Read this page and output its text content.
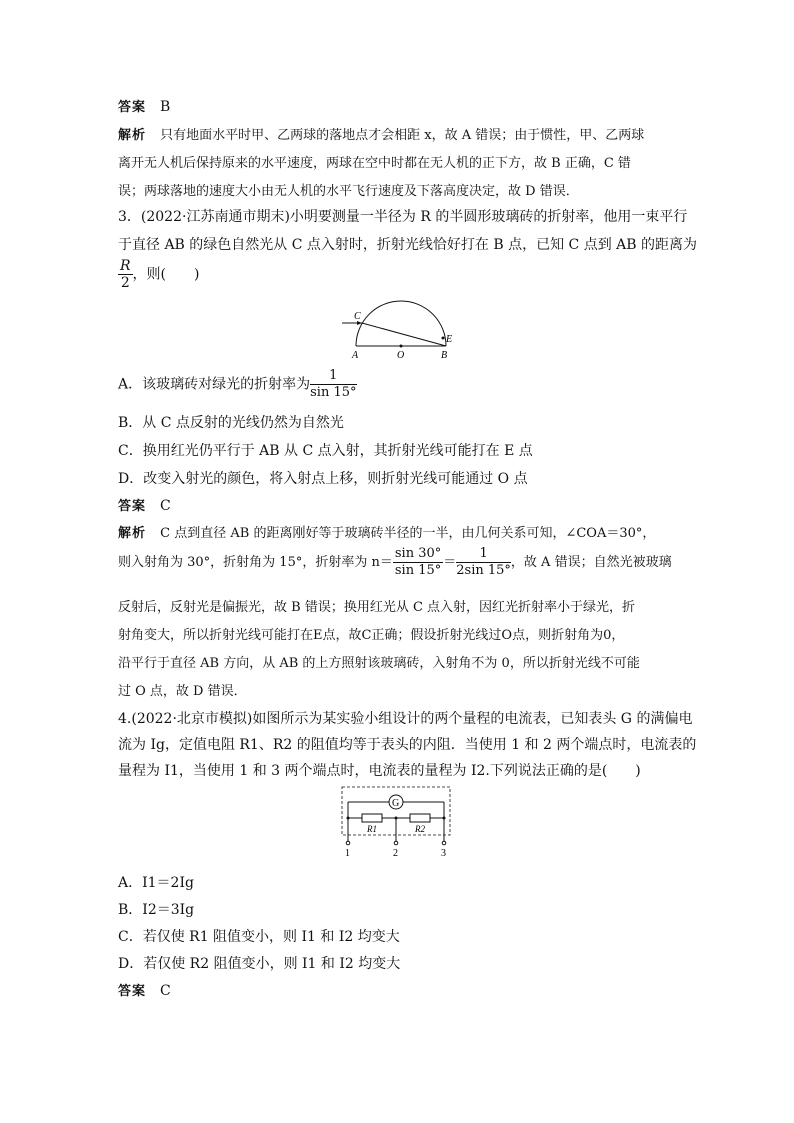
答案 B
解析 只有地面水平时甲、乙两球的落地点才会相距 x，故 A 错误；由于惯性，甲、乙两球
离开无人机后保持原来的水平速度，两球在空中时都在无人机的正下方，故 B 正确，C 错
误；两球落地的速度大小由无人机的水平飞行速度及下落高度决定，故 D 错误．
3．(2022·江苏南通市期末)小明要测量一半径为 R 的半圆形玻璃砖的折射率，他用一束平行
于直径 AB 的绿色自然光从 C 点入射时，折射光线恰好打在 B 点，已知 C 点到 AB 的距离为
$\frac{R}{2}$ ，则(　　)
C
E
A	O	B
A．该玻璃砖对绿光的折射率为 $\frac{1}{\sin 15^\circ}$
B．从 C 点反射的光线仍然为自然光
C．换用红光仍平行于 AB 从 C 点入射，其折射光线可能打在 E 点
D．改变入射光的颜色，将入射点上移，则折射光线可能通过 O 点
答案 C
解析 C 点到直径 AB 的距离刚好等于玻璃砖半径的一半，由几何关系可知，∠COA＝30°，
则入射角为 30°，折射角为 15°，折射率为 $n= \frac{\sin 30^\circ}{\sin 15^\circ} = \frac{1}{2\sin 15^\circ}$ ，故 A 错误；自然光被玻璃
反射后，反射光是偏振光，故 B 错误；换用红光从 C 点入射，因红光折射率小于绿光，折
射角变大，所以折射光线可能打在E点，故C正确；假设折射光线过O点，则折射角为0，
沿平行于直径 AB 方向，从 AB 的上方照射该玻璃砖，入射角不为 0，所以折射光线不可能
过 O 点，故 D 错误．
4.(2022·北京市模拟)如图所示为某实验小组设计的两个量程的电流表，已知表头 G 的满偏电
流为 Ig，定值电阻 R1、R2 的阻值均等于表头的内阻．当使用 1 和 2 两个端点时，电流表的
量程为 I1，当使用 1 和 3 两个端点时，电流表的量程为 I2.下列说法正确的是(　　)
G
R1	R2
1	2	3
A．I1＝2Ig
B．I2＝3Ig
C．若仅使 R1 阻值变小，则 I1 和 I2 均变大
D．若仅使 R2 阻值变小，则 I1 和 I2 均变大
答案 C
